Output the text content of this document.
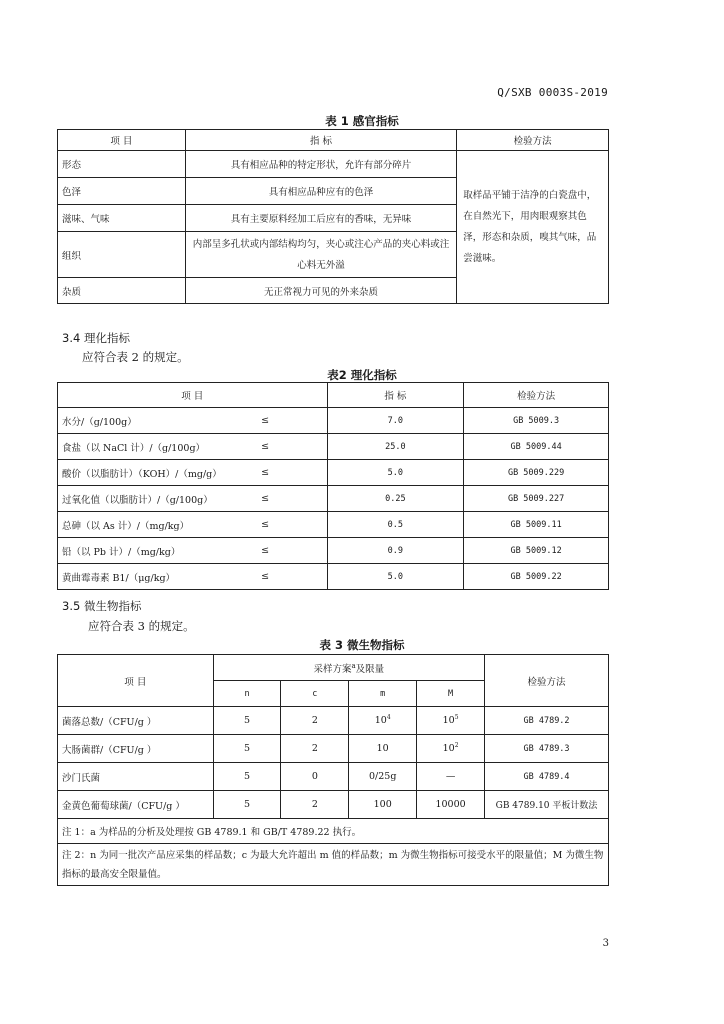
Q/SXB 0003S-2019
表 1 感官指标
项 目	指 标	检验方法
形态	具有相应品种的特定形状，允许有部分碎片	取样品平铺于洁净的白瓷盘中，在自然光下，用肉眼观察其色泽，形态和杂质，嗅其气味，品尝滋味。
色泽	具有相应品种应有的色泽	
滋味、气味	具有主要原料经加工后应有的香味，无异味	
组织	内部呈多孔状或内部结构均匀，夹心或注心产品的夹心料或注心料无外溢	
杂质	无正常视力可见的外来杂质	
3.4 理化指标
应符合表 2 的规定。
表2 理化指标
项 目		指 标	检验方法
水分/（g/100g）	≤	7.0	GB 5009.3
食盐（以 NaCl 计）/（g/100g）	≤	25.0	GB 5009.44
酸价（以脂肪计）（KOH）/（mg/g）	≤	5.0	GB 5009.229
过氧化值（以脂肪计）/（g/100g）	≤	0.25	GB 5009.227
总砷（以 As 计）/（mg/kg）	≤	0.5	GB 5009.11
铅（以 Pb 计）/（mg/kg）	≤	0.9	GB 5009.12
黄曲霉毒素 B1/（μg/kg）	≤	5.0	GB 5009.22
3.5 微生物指标
应符合表 3 的规定。
表 3 微生物指标
项 目	采样方案$^a$及限量				检验方法
	n	c	m	M	
菌落总数/（CFU/g ）	5	2	$10^4$	$10^5$	GB 4789.2
大肠菌群/（CFU/g ）	5	2	10	$10^2$	GB 4789.3
沙门氏菌	5	0	0/25g	—	GB 4789.4
金黄色葡萄球菌/（CFU/g ）	5	2	100	10000	GB 4789.10 平板计数法
注 1：a 为样品的分析及处理按 GB 4789.1 和 GB/T 4789.22 执行。					
注 2：n 为同一批次产品应采集的样品数；c 为最大允许超出 m 值的样品数；m 为微生物指标可接受水平的限量值；M 为微生物指标的最高安全限量值。					
3
